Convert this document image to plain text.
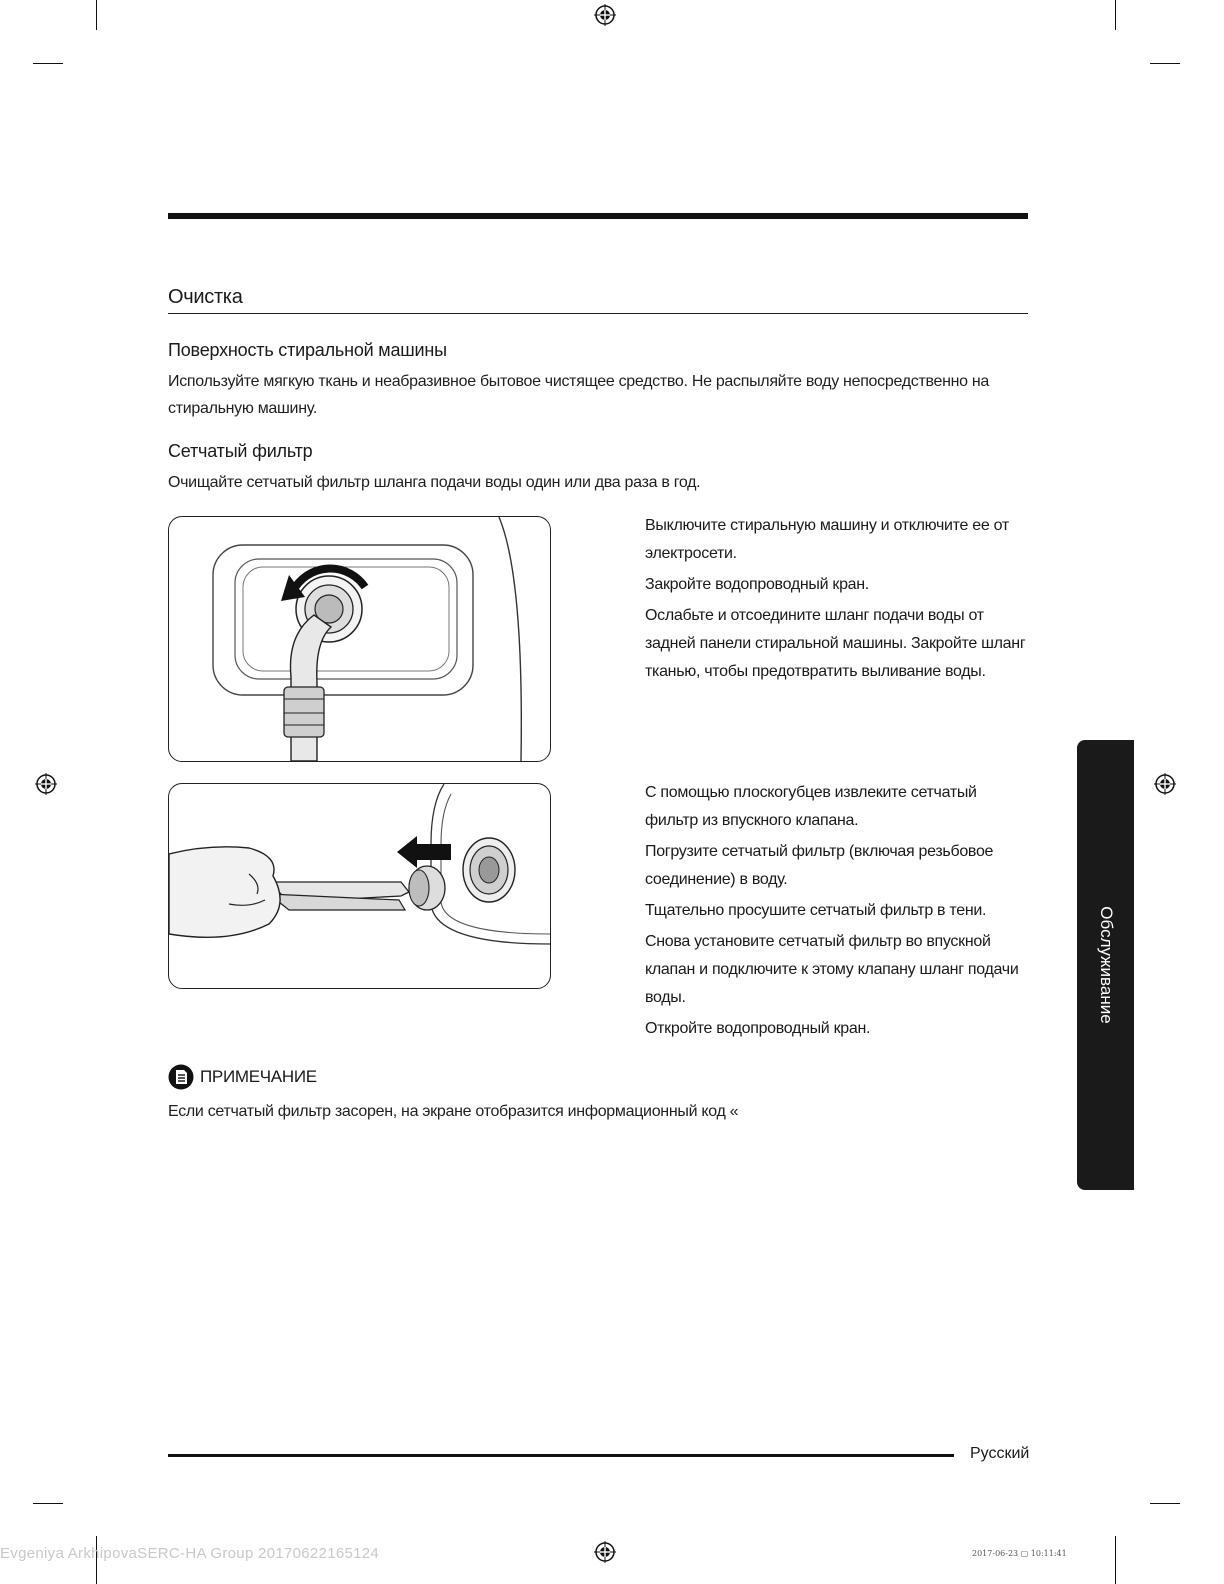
Очистка
Поверхность стиральной машины
Используйте мягкую ткань и неабразивное бытовое чистящее средство. Не распыляйте воду непосредственно на стиральную машину.
Сетчатый фильтр
Очищайте сетчатый фильтр шланга подачи воды один или два раза в год.
Выключите стиральную машину и отключите ее от электросети.
Закройте водопроводный кран.
Ослабьте и отсоедините шланг подачи воды от задней панели стиральной машины. Закройте шланг тканью, чтобы предотвратить выливание воды.
С помощью плоскогубцев извлеките сетчатый фильтр из впускного клапана.
Погрузите сетчатый фильтр (включая резьбовое соединение) в воду.
Тщательно просушите сетчатый фильтр в тени.
Снова установите сетчатый фильтр во впускной клапан и подключите к этому клапану шланг подачи воды.
Откройте водопроводный кран.
ПРИМЕЧАНИЕ
Если сетчатый фильтр засорен, на экране отобразится информационный код «
Обслуживание
Русский
Evgeniya ArkhipovaSERC-HA Group 20170622165124	2017-06-23 ▢ 10:11:41
